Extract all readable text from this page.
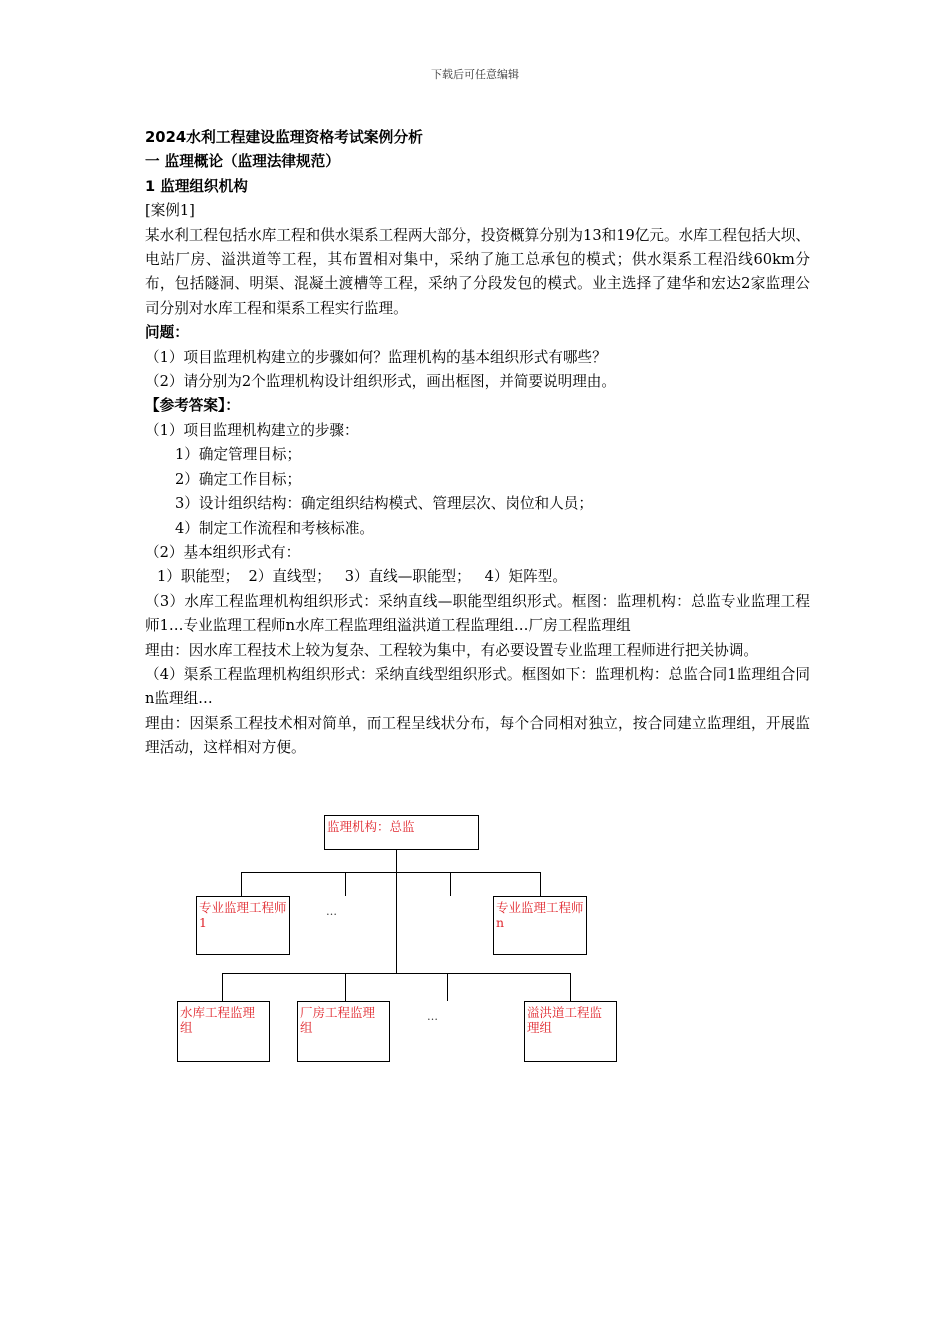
下载后可任意编辑

2024水利工程建设监理资格考试案例分析

一 监理概论（监理法律规范）

1 监理组织机构

[案例1]

某水利工程包括水库工程和供水渠系工程两大部分，投资概算分别为13和19亿元。水库工程包括大坝、电站厂房、溢洪道等工程，其布置相对集中，采纳了施工总承包的模式；供水渠系工程沿线60km分布，包括隧洞、明渠、混凝土渡槽等工程，采纳了分段发包的模式。业主选择了建华和宏达2家监理公司分别对水库工程和渠系工程实行监理。

问题：

（1）项目监理机构建立的步骤如何？监理机构的基本组织形式有哪些？

（2）请分别为2个监理机构设计组织形式，画出框图，并简要说明理由。

【参考答案】：

（1）项目监理机构建立的步骤：

1）确定管理目标；

2）确定工作目标；

3）设计组织结构：确定组织结构模式、管理层次、岗位和人员；

4）制定工作流程和考核标准。

（2）基本组织形式有：

1）职能型；  2）直线型；   3）直线—职能型；   4）矩阵型。

（3）水库工程监理机构组织形式：采纳直线—职能型组织形式。框图：监理机构：总监专业监理工程师1…专业监理工程师n水库工程监理组溢洪道工程监理组…厂房工程监理组

理由：因水库工程技术上较为复杂、工程较为集中，有必要设置专业监理工程师进行把关协调。

（4）渠系工程监理机构组织形式：采纳直线型组织形式。框图如下：监理机构：总监合同1监理组合同n监理组…

理由：因渠系工程技术相对简单，而工程呈线状分布，每个合同相对独立，按合同建立监理组，开展监理活动，这样相对方便。

监理机构：总监
专业监理工程师1
…	专业监理工程师n
水库工程监理组
厂房工程监理组
…	溢洪道工程监理组
